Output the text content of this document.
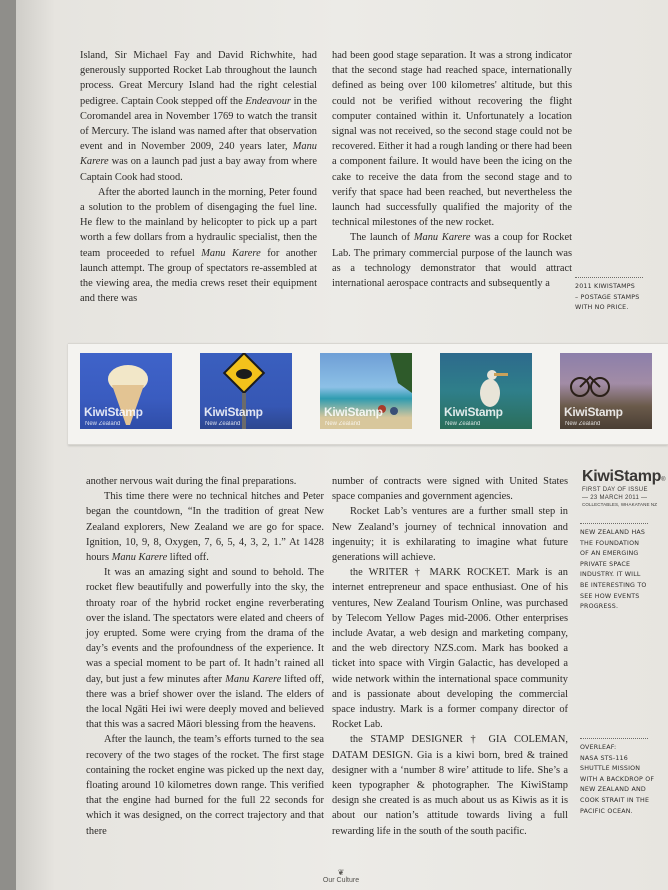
Island, Sir Michael Fay and David Richwhite, had generously supported Rocket Lab throughout the launch process. Great Mercury Island had the right celestial pedigree. Captain Cook stepped off the Endeavour in the Coromandel area in November 1769 to watch the transit of Mercury. The island was named after that observation event and in November 2009, 240 years later, Manu Karere was on a launch pad just a bay away from where Captain Cook had stood.

After the aborted launch in the morning, Peter found a solution to the problem of disengaging the fuel line. He flew to the mainland by helicopter to pick up a part worth a few dollars from a hydraulic specialist, then the team proceeded to refuel Manu Karere for another launch attempt. The group of spectators re-assembled at the viewing area, the media crews reset their equipment and there was

had been good stage separation. It was a strong indicator that the second stage had reached space, internationally defined as being over 100 kilometres' altitude, but this could not be verified without recovering the flight computer contained within it. Unfortunately a location signal was not received, so the second stage could not be recovered. Either it had a rough landing or there had been a component failure. It would have been the icing on the cake to receive the data from the second stage and to verify that space had been reached, but nevertheless the launch had successfully qualified the majority of the technical milestones of the new rocket.

The launch of Manu Karere was a coup for Rocket Lab. The primary commercial purpose of the launch was as a technology demonstrator that would attract international aerospace contracts and subsequently a	2011 KIWISTAMPS
– POSTAGE STAMPS
WITH NO PRICE.
KiwiStamp
New Zealand
KiwiStamp
New Zealand
KiwiStamp
New Zealand
KiwiStamp
New Zealand
KiwiStamp
New Zealand

another nervous wait during the final preparations.

This time there were no technical hitches and Peter began the countdown, “In the tradition of great New Zealand explorers, New Zealand we are go for space. Ignition, 10, 9, 8, Oxygen, 7, 6, 5, 4, 3, 2, 1.” At 1428 hours Manu Karere lifted off.

It was an amazing sight and sound to behold. The rocket flew beautifully and powerfully into the sky, the throaty roar of the hybrid rocket engine reverberating over the island. The spectators were elated and cheers of joy erupted. Some were crying from the drama of the day’s events and the profoundness of the experience. It was a special moment to be part of. It hadn’t rained all day, but just a few minutes after Manu Karere lifted off, there was a brief shower over the island. The elders of the local Ngāti Hei iwi were deeply moved and believed that this was a sacred Māori blessing from the heavens.

After the launch, the team’s efforts turned to the sea recovery of the two stages of the rocket. The first stage containing the rocket engine was picked up the next day, floating around 10 kilometres down range. This verified that the engine had burned for the full 22 seconds for which it was designed, on the correct trajectory and that there

number of contracts were signed with United States space companies and government agencies.

Rocket Lab’s ventures are a further small step in New Zealand’s journey of technical innovation and ingenuity; it is exhilarating to imagine what future generations will achieve.

the WRITER † MARK ROCKET. Mark is an internet entrepreneur and space enthusiast. One of his ventures, New Zealand Tourism Online, was purchased by Telecom Yellow Pages mid-2006. Other enterprises include Avatar, a web design and marketing company, and the web directory NZS.com. Mark has booked a ticket into space with Virgin Galactic, has developed a wide network within the international space community and is passionate about developing the commercial space industry. Mark is a former company director of Rocket Lab.

the STAMP DESIGNER † GIA COLEMAN, DATAM DESIGN. Gia is a kiwi born, bred & trained designer with a ‘number 8 wire’ attitude to life. She’s a keen typographer & photographer. The KiwiStamp design she created is as much about us as Kiwis as it is about our nation’s attitude towards living a full rewarding life in the south of the south pacific.

KiwiStamp®
FIRST DAY OF ISSUE
— 23 MARCH 2011 —
COLLECTABLES, WHAKATANE NZ
NEW ZEALAND HAS
THE FOUNDATION
OF AN EMERGING
PRIVATE SPACE
INDUSTRY. IT WILL
BE INTERESTING TO
SEE HOW EVENTS
PROGRESS.
OVERLEAF:
NASA STS-116
SHUTTLE MISSION
WITH A BACKDROP OF
NEW ZEALAND AND
COOK STRAIT IN THE
PACIFIC OCEAN.
❦
Our Culture
